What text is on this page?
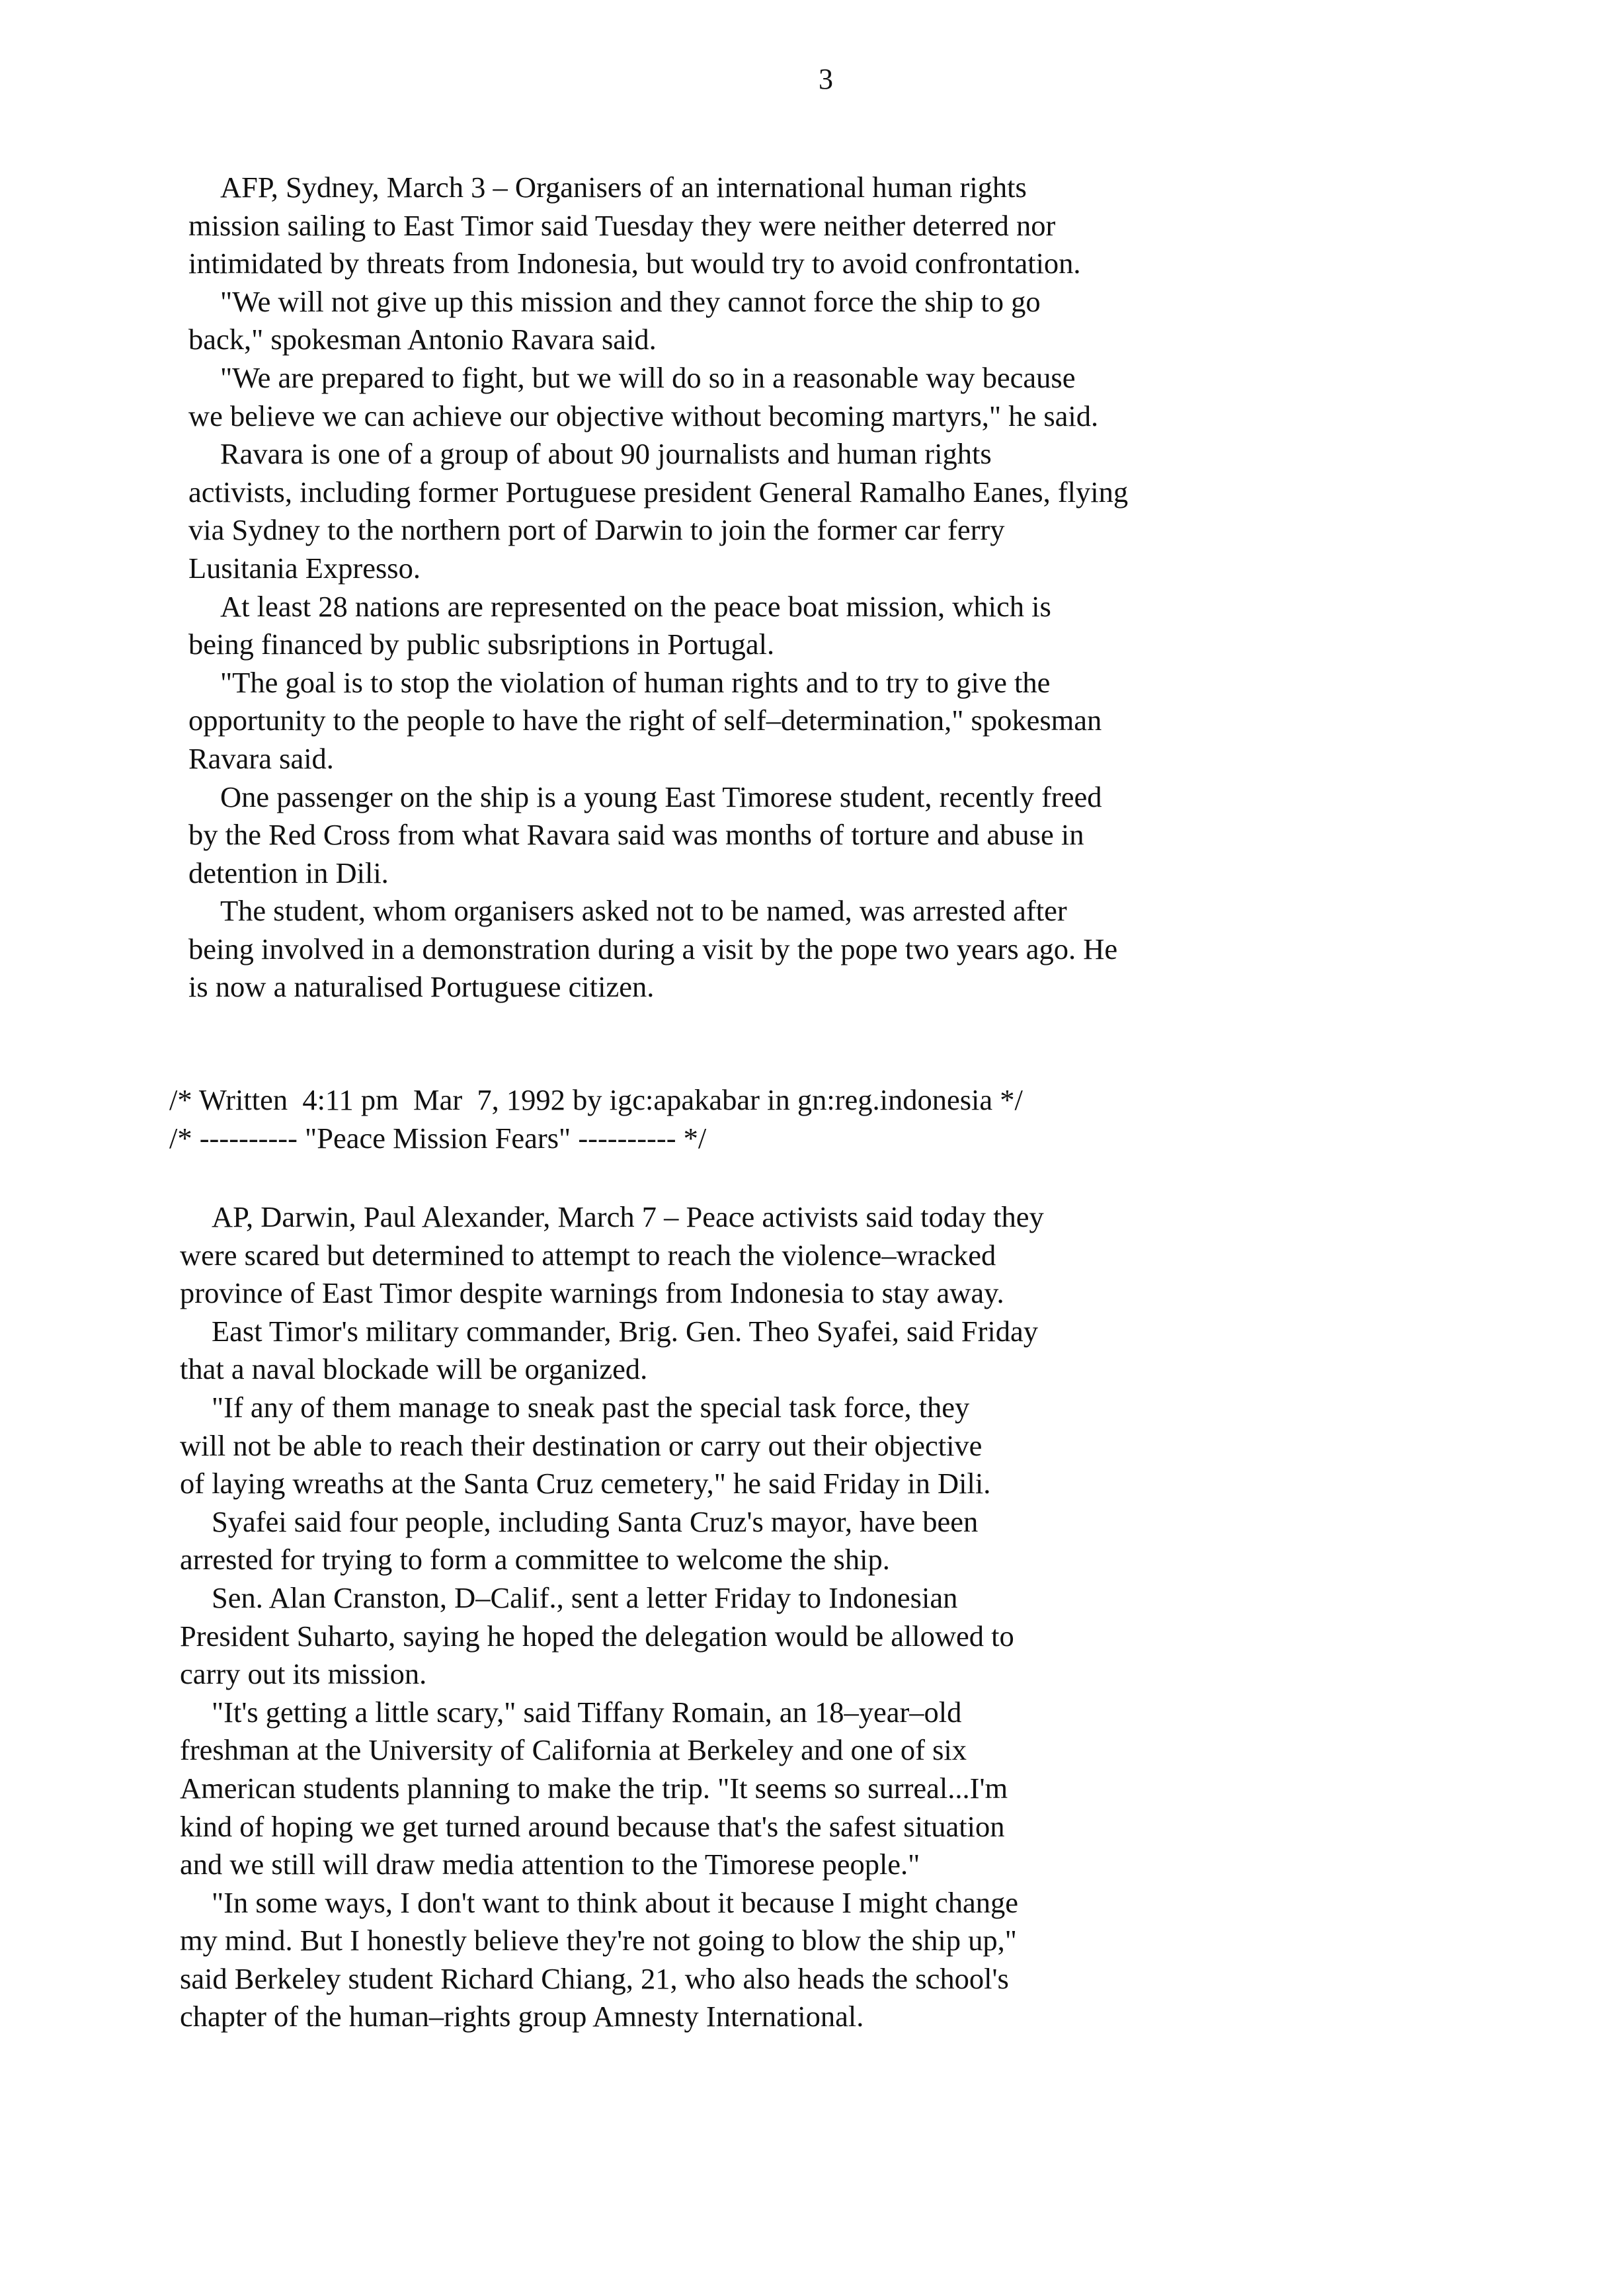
3
AFP, Sydney, March 3 – Organisers of an international human rights
mission sailing to East Timor said Tuesday they were neither deterred nor
intimidated by threats from Indonesia, but would try to avoid confrontation.
"We will not give up this mission and they cannot force the ship to go
back," spokesman Antonio Ravara said.
"We are prepared to fight, but we will do so in a reasonable way because
we believe we can achieve our objective without becoming martyrs," he said.
Ravara is one of a group of about 90 journalists and human rights
activists, including former Portuguese president General Ramalho Eanes, flying
via Sydney to the northern port of Darwin to join the former car ferry
Lusitania Expresso.
At least 28 nations are represented on the peace boat mission, which is
being financed by public subsriptions in Portugal.
"The goal is to stop the violation of human rights and to try to give the
opportunity to the people to have the right of self–determination," spokesman
Ravara said.
One passenger on the ship is a young East Timorese student, recently freed
by the Red Cross from what Ravara said was months of torture and abuse in
detention in Dili.
The student, whom organisers asked not to be named, was arrested after
being involved in a demonstration during a visit by the pope two years ago. He
is now a naturalised Portuguese citizen.
/* Written  4:11 pm  Mar  7, 1992 by igc:apakabar in gn:reg.indonesia */
/* ---------- "Peace Mission Fears" ---------- */
AP, Darwin, Paul Alexander, March 7 – Peace activists said today they
were scared but determined to attempt to reach the violence–wracked
province of East Timor despite warnings from Indonesia to stay away.
East Timor's military commander, Brig. Gen. Theo Syafei, said Friday
that a naval blockade will be organized.
"If any of them manage to sneak past the special task force, they
will not be able to reach their destination or carry out their objective
of laying wreaths at the Santa Cruz cemetery," he said Friday in Dili.
Syafei said four people, including Santa Cruz's mayor, have been
arrested for trying to form a committee to welcome the ship.
Sen. Alan Cranston, D–Calif., sent a letter Friday to Indonesian
President Suharto, saying he hoped the delegation would be allowed to
carry out its mission.
"It's getting a little scary," said Tiffany Romain, an 18–year–old
freshman at the University of California at Berkeley and one of six
American students planning to make the trip. "It seems so surreal...I'm
kind of hoping we get turned around because that's the safest situation
and we still will draw media attention to the Timorese people."
"In some ways, I don't want to think about it because I might change
my mind. But I honestly believe they're not going to blow the ship up,"
said Berkeley student Richard Chiang, 21, who also heads the school's
chapter of the human–rights group Amnesty International.
